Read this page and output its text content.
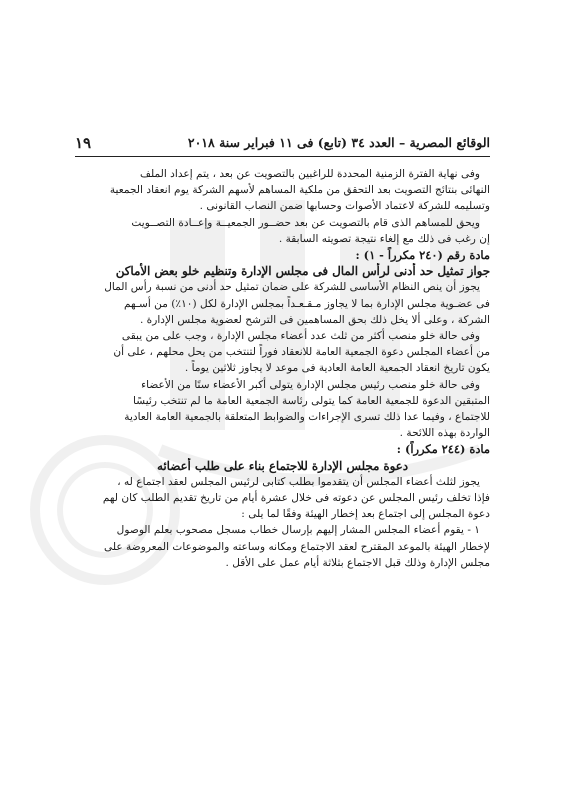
١٩	الوقائع المصرية – العدد ٣٤ (تابع) فى ١١ فبراير سنة ٢٠١٨
وفى نهاية الفترة الزمنية المحددة للراغبين بالتصويت عن بعد ، يتم إعداد الملف
النهائى بنتائج التصويت بعد التحقق من ملكية المساهم لأسهم الشركة يوم انعقاد الجمعية
وتسليمه للشركة لاعتماد الأصوات وحسابها ضمن النصاب القانونى .
ويحق للمساهم الذى قام بالتصويت عن بعد حضــور الجمعيــة وإعــادة التصــويت
إن رغب فى ذلك مع إلغاء نتيجة تصويته السابقة .
مادة رقم (٢٤٠ مكرراً - ١) :
جواز تمثيل حد أدنى لرأس المال فى مجلس الإدارة وتنظيم خلو بعض الأماكن
يجوز أن ينص النظام الأساسى للشركة على ضمان تمثيل حد أدنى من نسبة رأس المال
فى عضـوية مجلس الإدارة بما لا يجاوز مـقـعـداً بمجلس الإدارة لكل (١٠٪) من أسـهم
الشركة ، وعلى ألا يخل ذلك بحق المساهمين فى الترشح لعضوية مجلس الإدارة .
وفى حالة خلو منصب أكثر من ثلث عدد أعضاء مجلس الإدارة ، وجب على من يبقى
من أعضاء المجلس دعوة الجمعية العامة للانعقاد فوراً لتنتخب من يحل محلهم ، على أن
يكون تاريخ انعقاد الجمعية العامة العادية فى موعد لا يجاوز ثلاثين يوماً .
وفى حالة خلو منصب رئيس مجلس الإدارة يتولى أكبر الأعضاء سنًا من الأعضاء
المتبقين الدعوة للجمعية العامة كما يتولى رئاسة الجمعية العامة ما لم تنتخب رئيسًا
للاجتماع ، وفيما عدا ذلك تسرى الإجراءات والضوابط المتعلقة بالجمعية العامة العادية
الواردة بهذه اللائحة .
مادة (٢٤٤ مكرراً) :
دعوة مجلس الإدارة للاجتماع بناء على طلب أعضائه
يجوز لثلث أعضاء المجلس أن يتقدموا بطلب كتابى لرئيس المجلس لعقد اجتماع له ،
فإذا تخلف رئيس المجلس عن دعوته فى خلال عشرة أيام من تاريخ تقديم الطلب كان لهم
دعوة المجلس إلى اجتماع بعد إخطار الهيئة وفقًا لما يلى :
١ - يقوم أعضاء المجلس المشار إليهم بإرسال خطاب مسجل مصحوب بعلم الوصول
لإخطار الهيئة بالموعد المقترح لعقد الاجتماع ومكانه وساعته والموضوعات المعروضة على
مجلس الإدارة وذلك قبل الاجتماع بثلاثة أيام عمل على الأقل .
